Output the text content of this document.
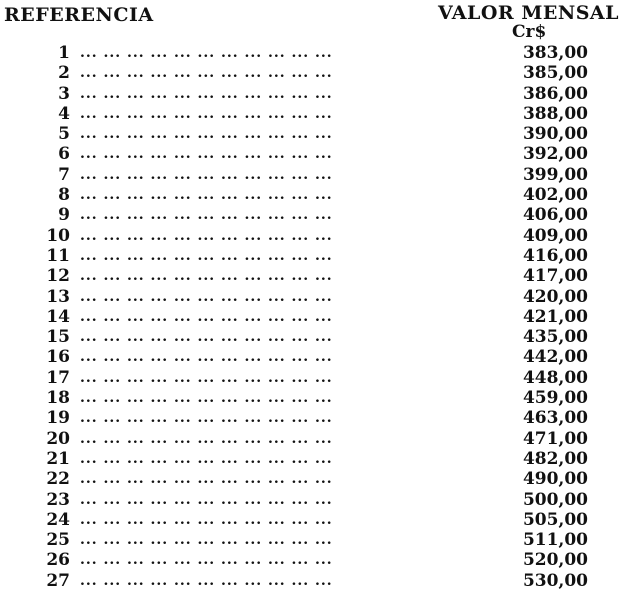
REFERENCIA	VALOR MENSAL
Cr$
1 ... ... ... ... ... ... ... ... ... ... ...	383,00
2 ... ... ... ... ... ... ... ... ... ... ...	385,00
3 ... ... ... ... ... ... ... ... ... ... ...	386,00
4 ... ... ... ... ... ... ... ... ... ... ...	388,00
5 ... ... ... ... ... ... ... ... ... ... ...	390,00
6 ... ... ... ... ... ... ... ... ... ... ...	392,00
7 ... ... ... ... ... ... ... ... ... ... ...	399,00
8 ... ... ... ... ... ... ... ... ... ... ...	402,00
9 ... ... ... ... ... ... ... ... ... ... ...	406,00
10 ... ... ... ... ... ... ... ... ... ... ...	409,00
11 ... ... ... ... ... ... ... ... ... ... ...	416,00
12 ... ... ... ... ... ... ... ... ... ... ...	417,00
13 ... ... ... ... ... ... ... ... ... ... ...	420,00
14 ... ... ... ... ... ... ... ... ... ... ...	421,00
15 ... ... ... ... ... ... ... ... ... ... ...	435,00
16 ... ... ... ... ... ... ... ... ... ... ...	442,00
17 ... ... ... ... ... ... ... ... ... ... ...	448,00
18 ... ... ... ... ... ... ... ... ... ... ...	459,00
19 ... ... ... ... ... ... ... ... ... ... ...	463,00
20 ... ... ... ... ... ... ... ... ... ... ...	471,00
21 ... ... ... ... ... ... ... ... ... ... ...	482,00
22 ... ... ... ... ... ... ... ... ... ... ...	490,00
23 ... ... ... ... ... ... ... ... ... ... ...	500,00
24 ... ... ... ... ... ... ... ... ... ... ...	505,00
25 ... ... ... ... ... ... ... ... ... ... ...	511,00
26 ... ... ... ... ... ... ... ... ... ... ...	520,00
27 ... ... ... ... ... ... ... ... ... ... ...	530,00
